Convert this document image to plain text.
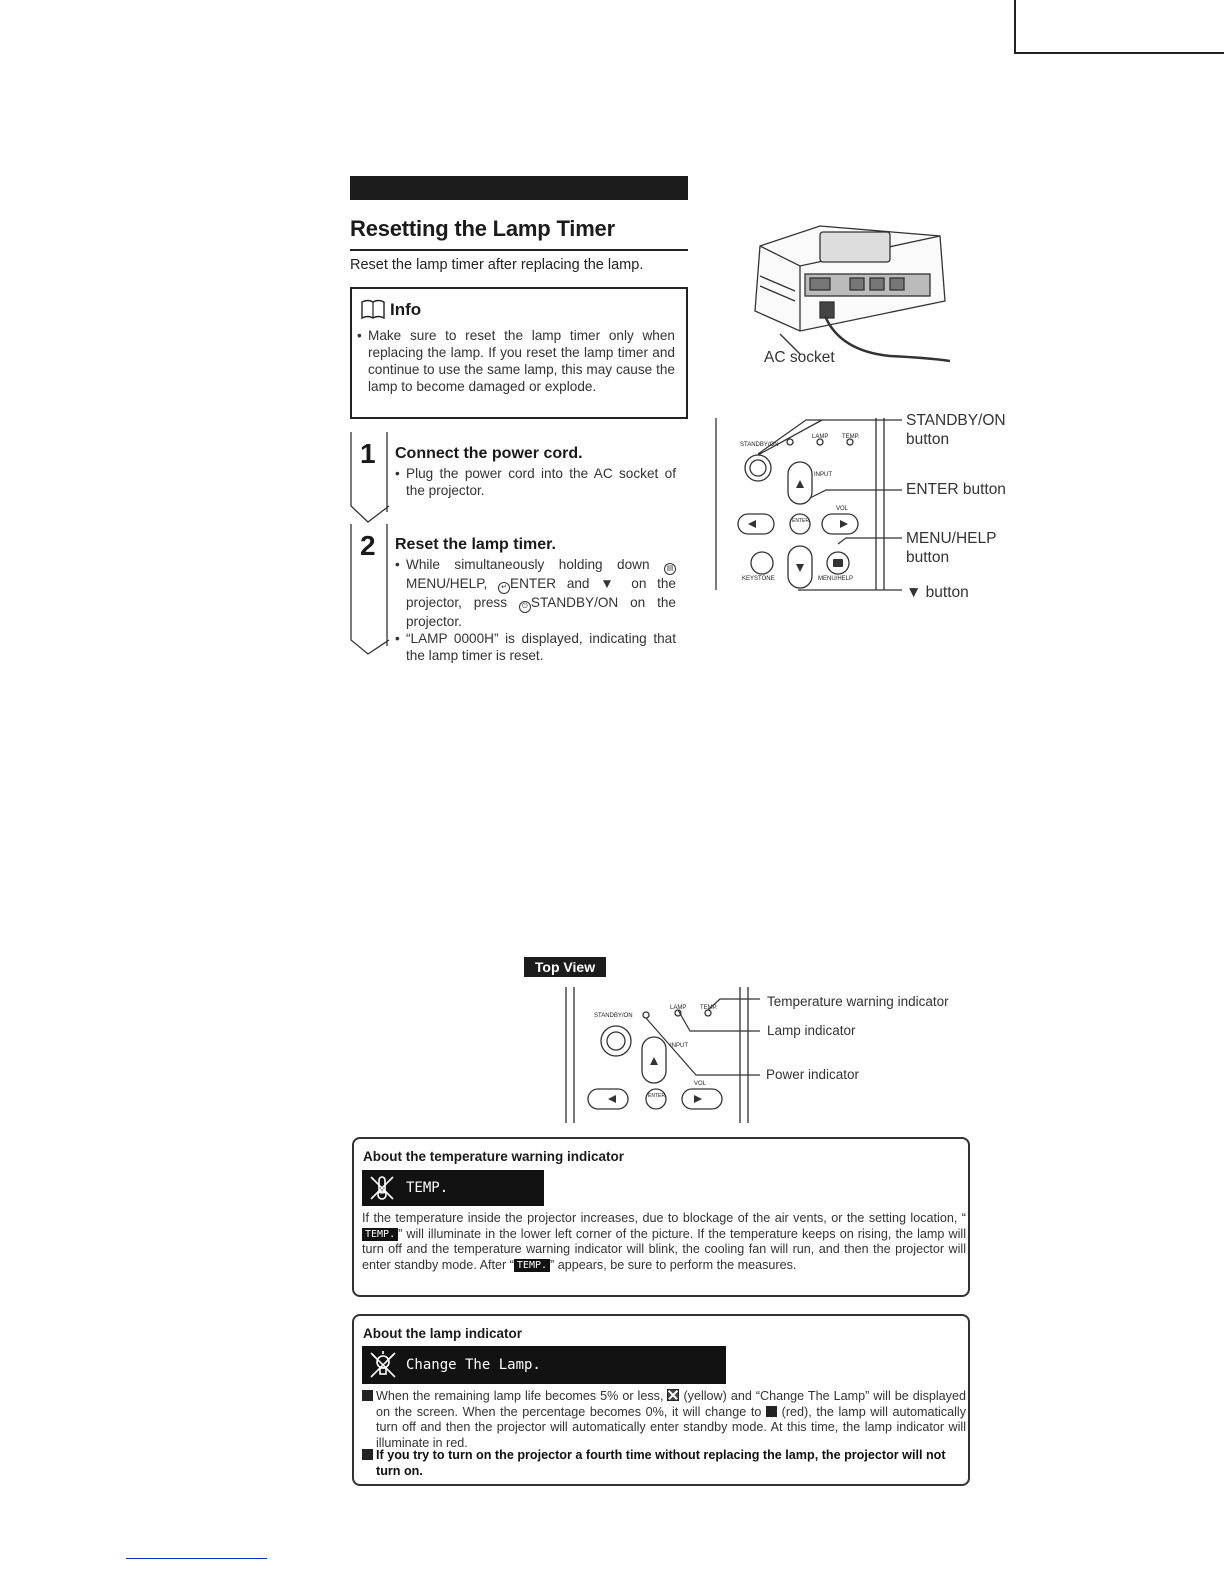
Resetting the Lamp Timer
Reset the lamp timer after replacing the lamp.
Info
• Make sure to reset the lamp timer only when replacing the lamp. If you reset the lamp timer and continue to use the same lamp, this may cause the lamp to become damaged or explode.
1 Connect the power cord.
• Plug the power cord into the AC socket of the projector.
2 Reset the lamp timer.
• While simultaneously holding down ▤MENU/HELP, ↵ ENTER and ▼ on the projector, press ⏻ STANDBY/ON on the projector.
• “LAMP 0000H” is displayed, indicating that the lamp timer is reset.
AC socket
STANDBY/ON
LAMP TEMP.
INPUT
VOL
ENTER
KEYSTONE	MENU/HELP
STANDBY/ON
button
ENTER button
MENU/HELP
button
▼ button
Top View
STANDBY/ON
LAMP TEMP.
INPUT
VOL
ENTER
Temperature warning indicator
Lamp indicator
Power indicator
About the temperature warning indicator
TEMP.
If the temperature inside the projector increases, due to blockage of the air vents, or the setting location, “TEMP. ” will illuminate in the lower left corner of the picture. If the temperature keeps on rising, the lamp will turn off and the temperature warning indicator will blink, the cooling fan will run, and then the projector will enter standby mode. After “ TEMP. ” appears, be sure to perform the measures.
About the lamp indicator
Change The Lamp.
When the remaining lamp life becomes 5% or less,  (yellow) and “Change The Lamp” will be displayed on the screen. When the percentage becomes 0%, it will change to  (red), the lamp will automatically turn off and then the projector will automatically enter standby mode. At this time, the lamp indicator will illuminate in red.
If you try to turn on the projector a fourth time without replacing the lamp, the projector will not turn on.
